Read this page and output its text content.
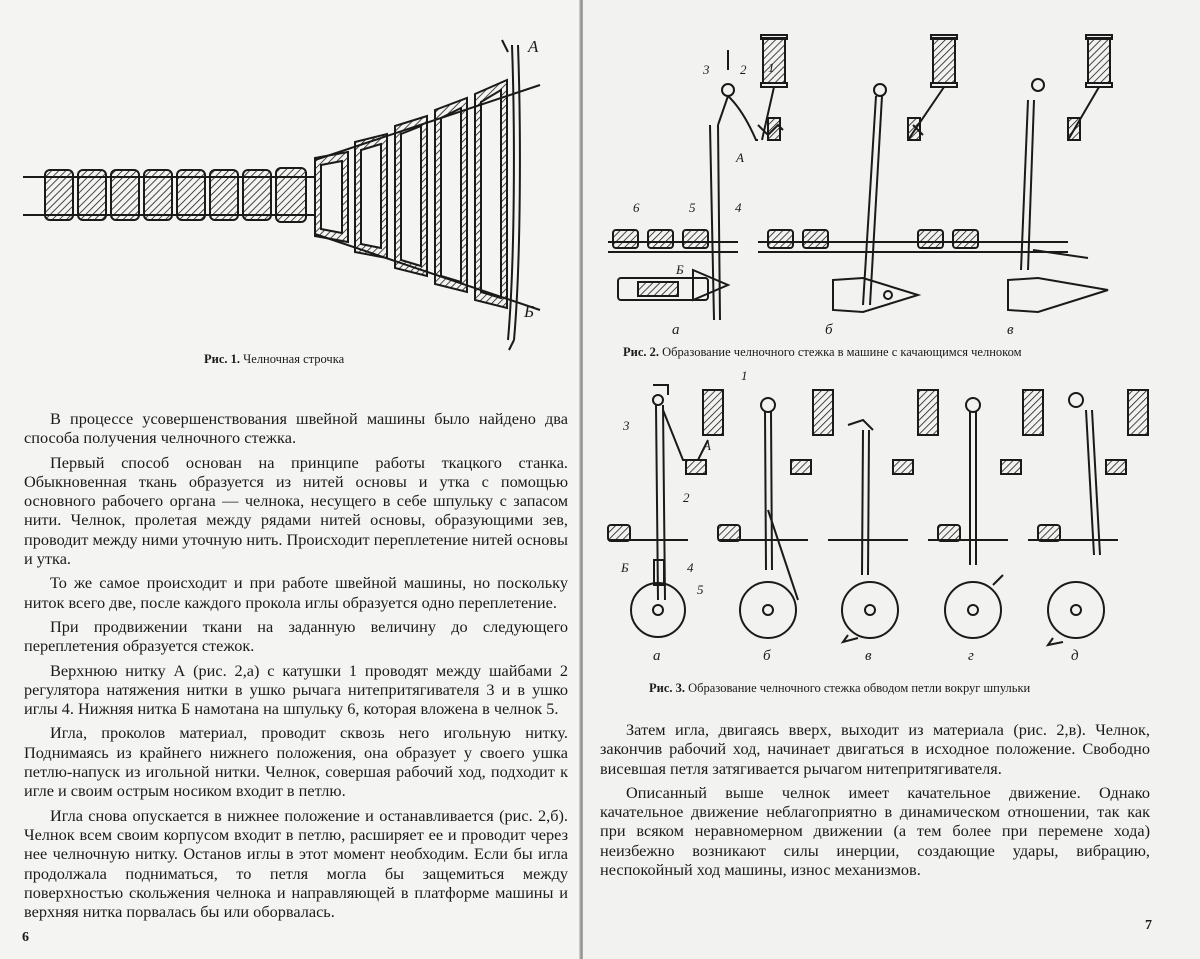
А
Б
Рис. 1. Челночная строчка

В процессе усовершенствования швейной машины было найдено два способа получения челночного стежка.

Первый способ основан на принципе работы ткацкого станка. Обыкновенная ткань образуется из нитей основы и утка с помощью основного рабочего органа — челнока, несущего в себе шпульку с запасом нити. Челнок, пролетая между рядами нитей основы, образующими зев, проводит между ними уточную нить. Происходит переплетение нитей основы и утка.

То же самое происходит и при работе швейной машины, но поскольку ниток всего две, после каждого прокола иглы образуется одно переплетение.

При продвижении ткани на заданную величину до следующего переплетения образуется стежок.

Верхнюю нитку А (рис. 2,а) с катушки 1 проводят между шайбами 2 регулятора натяжения нитки в ушко рычага нитепритягивателя 3 и в ушко иглы 4. Нижняя нитка Б намотана на шпульку 6, которая вложена в челнок 5.

Игла, проколов материал, проводит сквозь него игольную нитку. Поднимаясь из крайнего нижнего положения, она образует у своего ушка петлю-напуск из игольной нитки. Челнок, совершая рабочий ход, подходит к игле и своим острым носиком входит в петлю.

Игла снова опускается в нижнее положение и останавливается (рис. 2,б). Челнок всем своим корпусом входит в петлю, расширяет ее и проводит через нее челночную нитку. Останов иглы в этот момент необходим. Если бы игла продолжала подниматься, то петля могла бы защемиться между поверхностью скольжения челнока и направляющей в платформе машины и верхняя нитка порвалась бы или оборвалась.

6
3 2 1
А
6	5	4
Б
а	б	в
Рис. 2. Образование челночного стежка в машине с качающимся челноком
1
3
А
2
Б	4
5
а	б	в	г	д
Рис. 3. Образование челночного стежка обводом петли вокруг шпульки

Затем игла, двигаясь вверх, выходит из материала (рис. 2,в). Челнок, закончив рабочий ход, начинает двигаться в исходное положение. Свободно висевшая петля затягивается рычагом нитепритягивателя.

Описанный выше челнок имеет качательное движение. Однако качательное движение неблагоприятно в динамическом отношении, так как при всяком неравномерном движении (а тем более при перемене хода) неизбежно возникают силы инерции, создающие удары, вибрацию, неспокойный ход машины, износ механизмов.

7
